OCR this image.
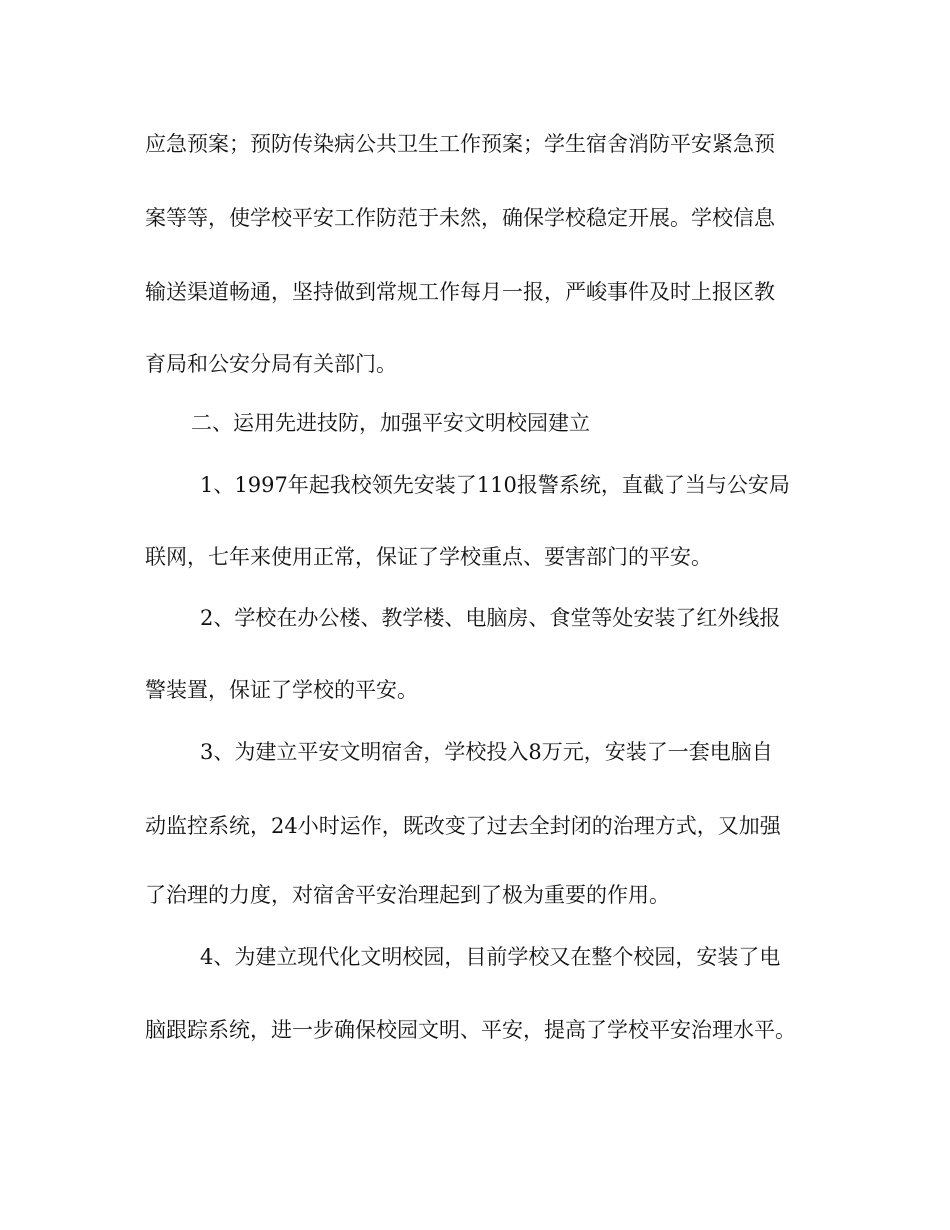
应急预案；预防传染病公共卫生工作预案；学生宿舍消防平安紧急预
案等等，使学校平安工作防范于未然，确保学校稳定开展。学校信息
输送渠道畅通，坚持做到常规工作每月一报，严峻事件及时上报区教
育局和公安分局有关部门。
二、运用先进技防，加强平安文明校园建立
1、1997年起我校领先安装了110报警系统，直截了当与公安局
联网，七年来使用正常，保证了学校重点、要害部门的平安。
2、学校在办公楼、教学楼、电脑房、食堂等处安装了红外线报
警装置，保证了学校的平安。
3、为建立平安文明宿舍，学校投入8万元，安装了一套电脑自
动监控系统，24小时运作，既改变了过去全封闭的治理方式，又加强
了治理的力度，对宿舍平安治理起到了极为重要的作用。
4、为建立现代化文明校园，目前学校又在整个校园，安装了电
脑跟踪系统，进一步确保校园文明、平安，提高了学校平安治理水平。
